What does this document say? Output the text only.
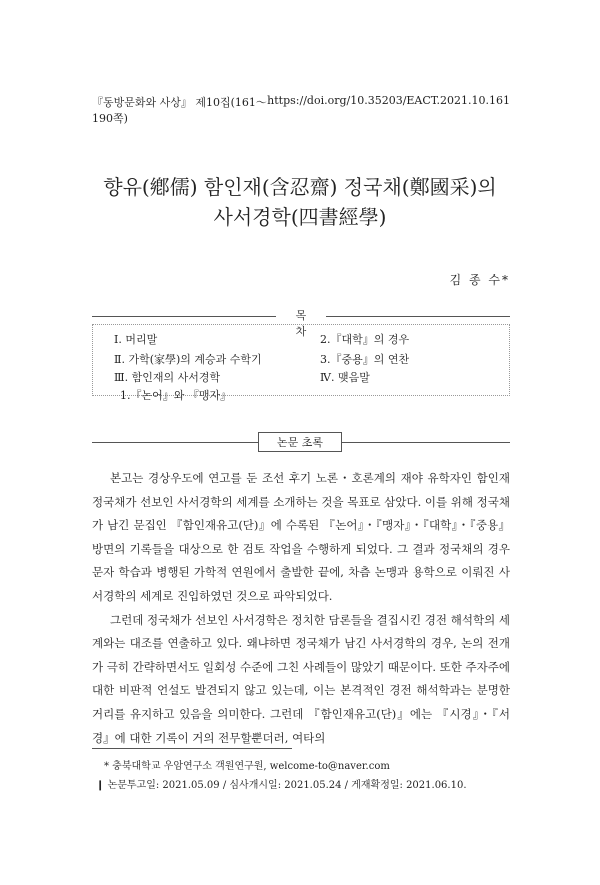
『동방문화와 사상』 제10집(161～190쪽)
https://doi.org/10.35203/EACT.2021.10.161
향유(鄕儒) 함인재(含忍齋) 정국채(鄭國采)의
사서경학(四書經學)
김 종 수*
목 차
Ⅰ. 머리말
Ⅱ. 가학(家學)의 계승과 수학기
Ⅲ. 함인재의 사서경학
1.『논어』와 『맹자』
2.『대학』의 경우
3.『중용』의 연찬
Ⅳ. 맺음말
논문 초록

본고는 경상우도에 연고를 둔 조선 후기 노론・호론계의 재야 유학자인 함인재 정국채가 선보인 사서경학의 세계를 소개하는 것을 목표로 삼았다. 이를 위해 정국채가 남긴 문집인 『함인재유고(단)』에 수록된 『논어』・『맹자』・『대학』・『중용』 방면의 기록들을 대상으로 한 검토 작업을 수행하게 되었다. 그 결과 정국채의 경우 문자 학습과 병행된 가학적 연원에서 출발한 끝에, 차츰 논맹과 용학으로 이뤄진 사서경학의 세계로 진입하였던 것으로 파악되었다.

그런데 정국채가 선보인 사서경학은 정치한 담론들을 결집시킨 경전 해석학의 세계와는 대조를 연출하고 있다. 왜냐하면 정국채가 남긴 사서경학의 경우, 논의 전개가 극히 간략하면서도 일회성 수준에 그친 사례들이 많았기 때문이다. 또한 주자주에 대한 비판적 언설도 발견되지 않고 있는데, 이는 본격적인 경전 해석학과는 분명한 거리를 유지하고 있음을 의미한다. 그런데 『함인재유고(단)』에는 『시경』・『서경』에 대한 기록이 거의 전무할뿐더러, 여타의

* 충북대학교 우암연구소 객원연구원, welcome-to@naver.com
❙ 논문투고일: 2021.05.09 / 심사개시일: 2021.05.24 / 게재확정일: 2021.06.10.
